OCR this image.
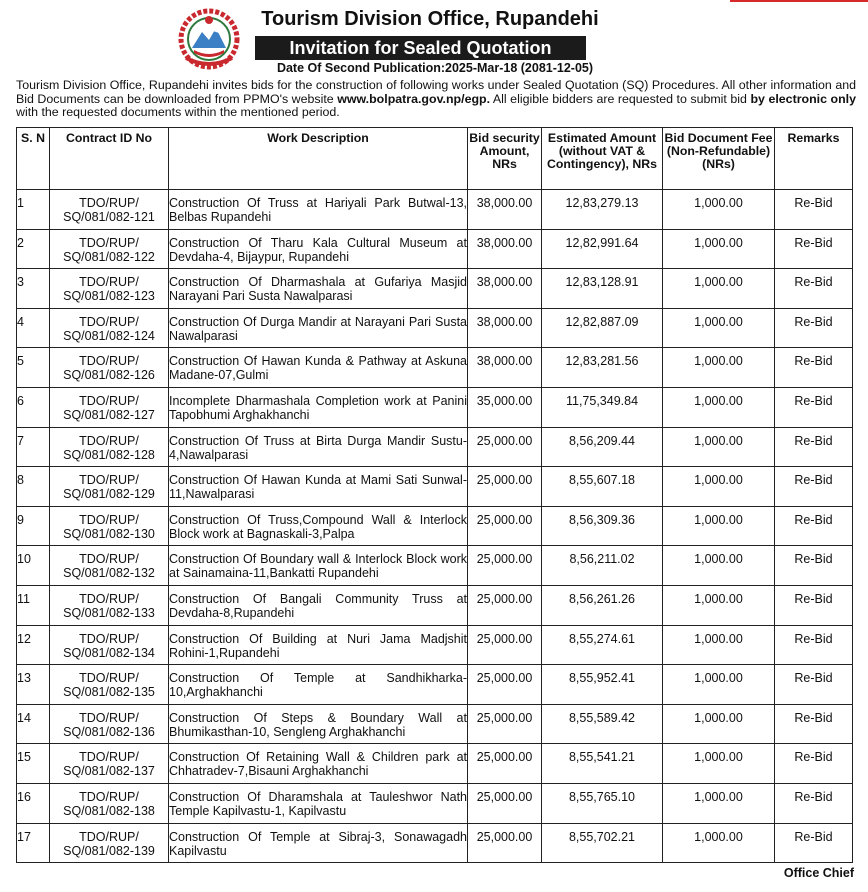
Tourism Division Office, Rupandehi
Invitation for Sealed Quotation
Date Of Second Publication:2025-Mar-18 (2081-12-05)
Tourism Division Office, Rupandehi invites bids for the construction of following works under Sealed Quotation (SQ) Procedures. All other information and Bid Documents can be downloaded from PPMO's website www.bolpatra.gov.np/egp. All eligible bidders are requested to submit bid by electronic only with the requested documents within the mentioned period.
S. N	Contract ID No	Work Description	Bid security Amount, NRs	Estimated Amount (without VAT & Contingency), NRs	Bid Document Fee (Non-Refundable) (NRs)	Remarks
1	TDO/RUP/ SQ/081/082-121	Construction Of Truss at Hariyali Park Butwal-13, Belbas Rupandehi	38,000.00	12,83,279.13	1,000.00	Re-Bid
2	TDO/RUP/ SQ/081/082-122	Construction Of Tharu Kala Cultural Museum at Devdaha-4, Bijaypur, Rupandehi	38,000.00	12,82,991.64	1,000.00	Re-Bid
3	TDO/RUP/ SQ/081/082-123	Construction Of Dharmashala at Gufariya Masjid Narayani Pari Susta Nawalparasi	38,000.00	12,83,128.91	1,000.00	Re-Bid
4	TDO/RUP/ SQ/081/082-124	Construction Of Durga Mandir at Narayani Pari Susta Nawalparasi	38,000.00	12,82,887.09	1,000.00	Re-Bid
5	TDO/RUP/ SQ/081/082-126	Construction Of Hawan Kunda & Pathway at Askuna Madane-07,Gulmi	38,000.00	12,83,281.56	1,000.00	Re-Bid
6	TDO/RUP/ SQ/081/082-127	Incomplete Dharmashala Completion work at Panini Tapobhumi Arghakhanchi	35,000.00	11,75,349.84	1,000.00	Re-Bid
7	TDO/RUP/ SQ/081/082-128	Construction Of Truss at Birta Durga Mandir Sustu-4,Nawalparasi	25,000.00	8,56,209.44	1,000.00	Re-Bid
8	TDO/RUP/ SQ/081/082-129	Construction Of Hawan Kunda at Mami Sati Sunwal-11,Nawalparasi	25,000.00	8,55,607.18	1,000.00	Re-Bid
9	TDO/RUP/ SQ/081/082-130	Construction Of Truss,Compound Wall & Interlock Block work at Bagnaskali-3,Palpa	25,000.00	8,56,309.36	1,000.00	Re-Bid
10	TDO/RUP/ SQ/081/082-132	Construction Of Boundary wall & Interlock Block work at Sainamaina-11,Bankatti Rupandehi	25,000.00	8,56,211.02	1,000.00	Re-Bid
11	TDO/RUP/ SQ/081/082-133	Construction Of Bangali Community Truss at Devdaha-8,Rupandehi	25,000.00	8,56,261.26	1,000.00	Re-Bid
12	TDO/RUP/ SQ/081/082-134	Construction Of Building at Nuri Jama Madjshit Rohini-1,Rupandehi	25,000.00	8,55,274.61	1,000.00	Re-Bid
13	TDO/RUP/ SQ/081/082-135	Construction Of Temple at Sandhikharka-10,Arghakhanchi	25,000.00	8,55,952.41	1,000.00	Re-Bid
14	TDO/RUP/ SQ/081/082-136	Construction Of Steps & Boundary Wall at Bhumikasthan-10, Sengleng Arghakhanchi	25,000.00	8,55,589.42	1,000.00	Re-Bid
15	TDO/RUP/ SQ/081/082-137	Construction Of Retaining Wall & Children park at Chhatradev-7,Bisauni Arghakhanchi	25,000.00	8,55,541.21	1,000.00	Re-Bid
16	TDO/RUP/ SQ/081/082-138	Construction Of Dharamshala at Tauleshwor Nath Temple Kapilvastu-1, Kapilvastu	25,000.00	8,55,765.10	1,000.00	Re-Bid
17	TDO/RUP/ SQ/081/082-139	Construction Of Temple at Sibraj-3, Sonawagadh Kapilvastu	25,000.00	8,55,702.21	1,000.00	Re-Bid
Office Chief
